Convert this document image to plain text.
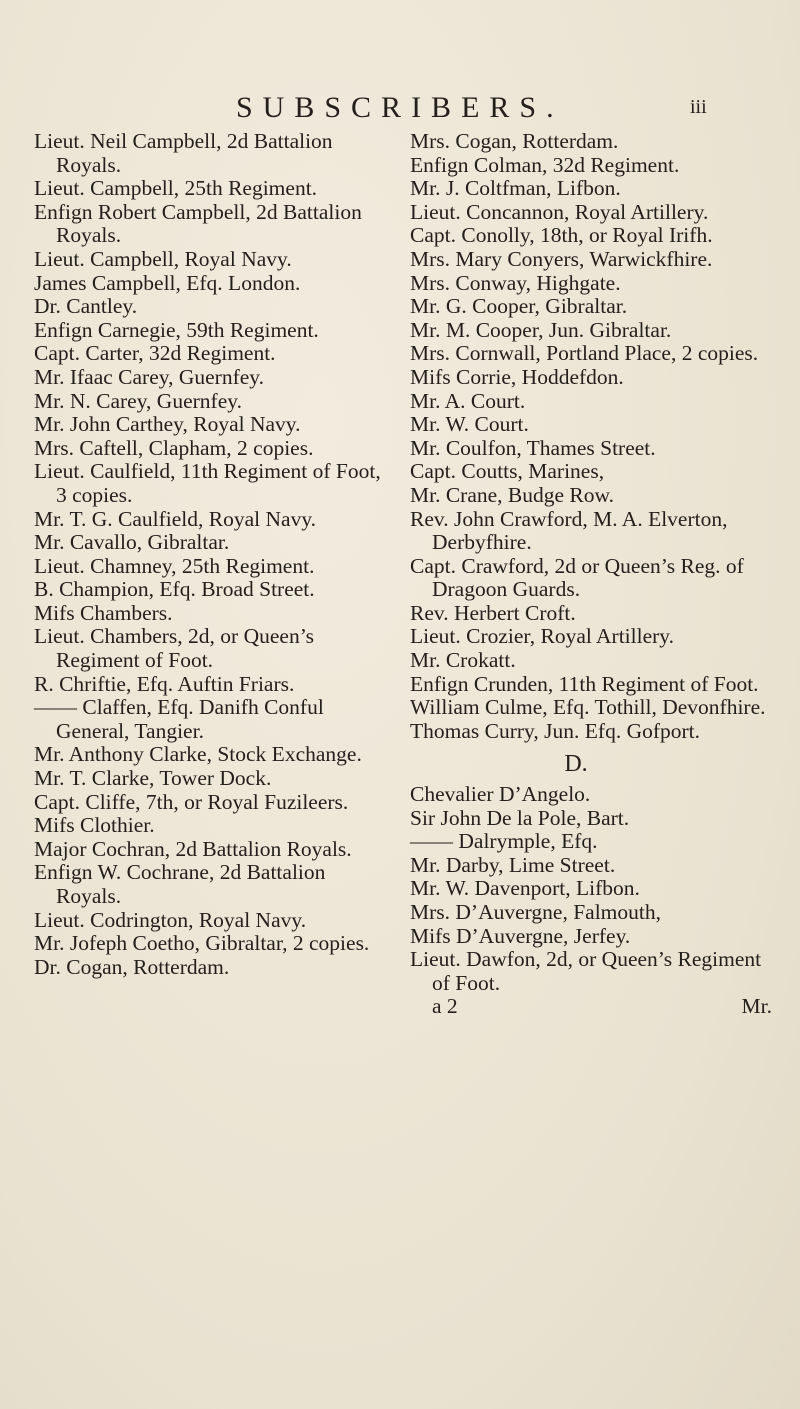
SUBSCRIBERS.	iii

Lieut. Neil Campbell, 2d Battalion Royals.

Lieut. Campbell, 25th Regiment.

Enfign Robert Campbell, 2d Battalion Royals.

Lieut. Campbell, Royal Navy.

James Campbell, Efq. London.

Dr. Cantley.

Enfign Carnegie, 59th Regiment.

Capt. Carter, 32d Regiment.

Mr. Ifaac Carey, Guernfey.

Mr. N. Carey, Guernfey.

Mr. John Carthey, Royal Navy.

Mrs. Caftell, Clapham, 2 copies.

Lieut. Caulfield, 11th Regiment of Foot, 3 copies.

Mr. T. G. Caulfield, Royal Navy.

Mr. Cavallo, Gibraltar.

Lieut. Chamney, 25th Regiment.

B. Champion, Efq. Broad Street.

Mifs Chambers.

Lieut. Chambers, 2d, or Queen’s Regiment of Foot.

R. Chriftie, Efq. Auftin Friars.

—— Claffen, Efq. Danifh Conful General, Tangier.

Mr. Anthony Clarke, Stock Exchange.

Mr. T. Clarke, Tower Dock.

Capt. Cliffe, 7th, or Royal Fuzileers.

Mifs Clothier.

Major Cochran, 2d Battalion Royals.

Enfign W. Cochrane, 2d Battalion Royals.

Lieut. Codrington, Royal Navy.

Mr. Jofeph Coetho, Gibraltar, 2 copies.

Dr. Cogan, Rotterdam.

Mrs. Cogan, Rotterdam.

Enfign Colman, 32d Regiment.

Mr. J. Coltfman, Lifbon.

Lieut. Concannon, Royal Artillery.

Capt. Conolly, 18th, or Royal Irifh.

Mrs. Mary Conyers, Warwickfhire.

Mrs. Conway, Highgate.

Mr. G. Cooper, Gibraltar.

Mr. M. Cooper, Jun. Gibraltar.

Mrs. Cornwall, Portland Place, 2 copies.

Mifs Corrie, Hoddefdon.

Mr. A. Court.

Mr. W. Court.

Mr. Coulfon, Thames Street.

Capt. Coutts, Marines,

Mr. Crane, Budge Row.

Rev. John Crawford, M. A. Elverton, Derbyfhire.

Capt. Crawford, 2d or Queen’s Reg. of Dragoon Guards.

Rev. Herbert Croft.

Lieut. Crozier, Royal Artillery.

Mr. Crokatt.

Enfign Crunden, 11th Regiment of Foot.

William Culme, Efq. Tothill, Devonfhire.

Thomas Curry, Jun. Efq. Gofport.

D.

Chevalier D’Angelo.

Sir John De la Pole, Bart.

—— Dalrymple, Efq.

Mr. Darby, Lime Street.

Mr. W. Davenport, Lifbon.

Mrs. D’Auvergne, Falmouth,

Mifs D’Auvergne, Jerfey.

Lieut. Dawfon, 2d, or Queen’s Regiment of Foot.

a 2	Mr.
